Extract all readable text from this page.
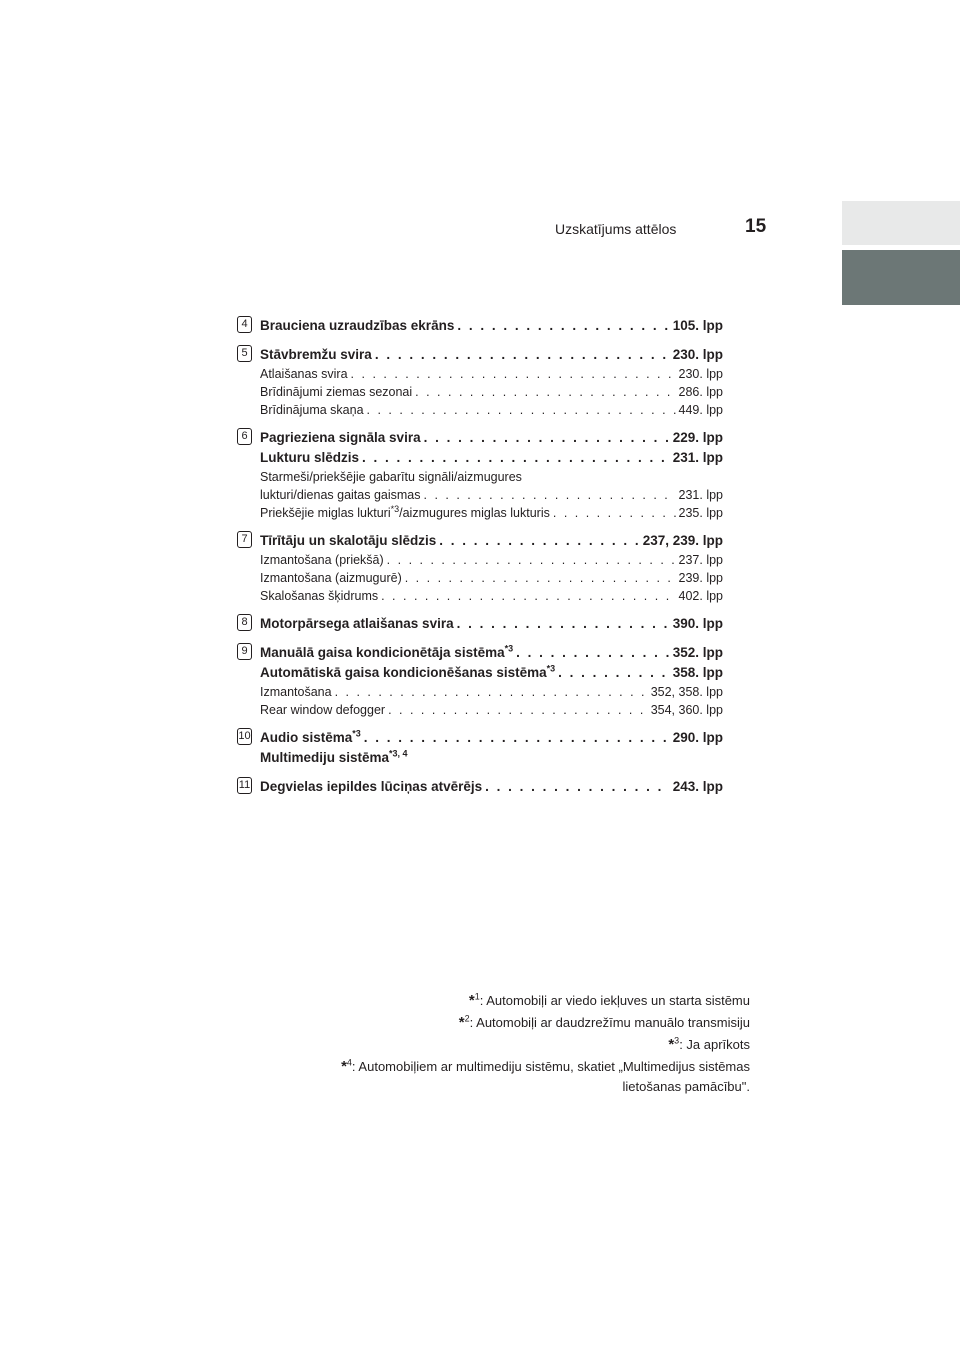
Uzskatījums attēlos	15
4 Brauciena uzraudzības ekrāns . . .	105. lpp
5 Stāvbremžu svira . . .	230. lpp
Atlaišanas svira . . .	230. lpp
Brīdinājumi ziemas sezonai . . .	286. lpp
Brīdinājuma skaņa . . .	449. lpp
6 Pagrieziena signāla svira . . .	229. lpp
Lukturu slēdzis . . .	231. lpp
Starmeši/priekšējie gabarītu signāli/aizmugures
lukturi/dienas gaitas gaismas . . .	231. lpp
Priekšējie miglas lukturi$^{*3}$/aizmugures miglas lukturis . . .	235. lpp
7 Tīrītāju un skalotāju slēdzis . . .	237, 239. lpp
Izmantošana (priekšā) . . .	237. lpp
Izmantošana (aizmugurē) . . .	239. lpp
Skalošanas šķidrums . . .	402. lpp
8 Motorpārsega atlaišanas svira . . .	390. lpp
9 Manuālā gaisa kondicionētāja sistēma$^{*3}$ . . .	352. lpp
Automātiskā gaisa kondicionēšanas sistēma$^{*3}$ . . .	358. lpp
Izmantošana . . .	352, 358. lpp
Rear window defogger . . .	354, 360. lpp
10 Audio sistēma$^{*3}$ . . .	290. lpp
Multimediju sistēma$^{*3, 4}$
11 Degvielas iepildes lūciņas atvērējs . . .	243. lpp
*$^1$: Automobiļi ar viedo iekļuves un starta sistēmu
*$^2$: Automobiļi ar daudzrežīmu manuālo transmisiju
*$^3$: Ja aprīkots
*$^4$: Automobiļiem ar multimediju sistēmu, skatiet „Multimedijus sistēmas
lietošanas pamācību".
